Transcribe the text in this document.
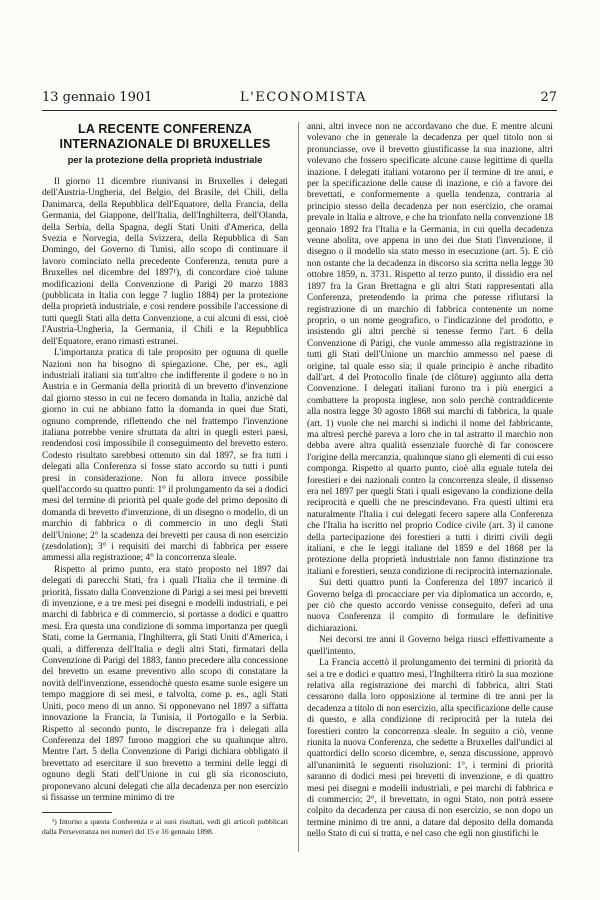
13 gennaio 1901	L'ECONOMISTA	27
LA RECENTE CONFERENZA INTERNAZIONALE DI BRUXELLES
per la protezione della proprietà industriale

Il giorno 11 dicembre riunivansi in Bruxelles i delegati dell'Austria-Ungheria, del Belgio, del Brasile, del Chili, della Danimarca, della Repubblica dell'Equatore, della Francia, della Germania, del Giappone, dell'Italia, dell'Inghilterra, dell'Olanda, della Serbia, della Spagna, degli Stati Uniti d'America, della Svezia e Norvegia, della Svizzera, della Repubblica di San Domingo, del Governo di Tunisi, allo scopo di continuare il lavoro cominciato nella precedente Conferenza, tenuta pure a Bruxelles nel dicembre del 1897¹), di concordare cioè talune modificazioni della Convenzione di Parigi 20 marzo 1883 (pubblicata in Italia con legge 7 luglio 1884) per la protezione della proprietà industriale, e così rendere possibile l'accessione di tutti quegli Stati alla detta Convenzione, a cui alcuni di essi, cioè l'Austria-Ungheria, la Germania, il Chili e la Repubblica dell'Equatore, erano rimasti estranei.

L'importanza pratica di tale proposito per ognuna di quelle Nazioni non ha bisogno di spiegazione. Che, per es., agli industriali italiani sia tutt'altro che indifferente il godere o no in Austria e in Germania della priorità di un brevetto d'invenzione dal giorno stesso in cui ne fecero domanda in Italia, anzichè dal giorno in cui ne abbiano fatto la domanda in quei due Stati, ognuno comprende, riflettendo che nel frattempo l'invenzione italiana potrebbe venire sfruttata da altri in quegli esteri paesi, rendendosi così impossibile il conseguimento del brevetto estero. Codesto risultato sarebbesi ottenuto sin dal 1897, se fra tutti i delegati alla Conferenza si fosse stato accordo su tutti i punti presi in considerazione. Non fu allora invece possibile quell'accordo su quattro punti: 1° il prolungamento da sei a dodici mesi del termine di priorità pel quale gode del primo deposito di domanda di brevetto d'invenzione, di un disegno o modello, di un marchio di fabbrica o di commercio in uno degli Stati dell'Unione; 2° la scadenza dei brevetti per causa di non esercizio (zesdolation); 3° i requisiti dei marchi di fabbrica per essere ammessi alla registrazione; 4° la concorrenza sleale.

Rispetto al primo punto, era stato proposto nel 1897 dai delegati di parecchi Stati, fra i quali l'Italia che il termine di priorità, fissato dalla Convenzione di Parigi a sei mesi pei brevetti di invenzione, e a tre mesi pei disegni e modelli industriali, e pei marchi di fabbrica e di commercio, si portasse a dodici e quattro mesi. Era questa una condizione di somma importanza per quegli Stati, come la Germania, l'Inghilterra, gli Stati Uniti d'America, i quali, a differenza dell'Italia e degli altri Stati, firmatari della Convenzione di Parigi del 1883, fanno precedere alla concessione del brevetto un esame preventivo allo scopo di constatare la novità dell'invenzione, essendochè questo esame suole esigere un tempo maggiore di sei mesi, e talvolta, come p. es., agli Stati Uniti, poco meno di un anno. Si opponevano nel 1897 a siffatta innovazione la Francia, la Tunisia, il Portogallo e la Serbia. Rispetto al secondo punto, le discrepanze fra i delegati alla Conferenza del 1897 furono maggiori che su qualunque altro. Mentre l'art. 5 della Convenzione di Parigi dichiara obbligato il brevettato ad esercitare il suo brevetto a termini delle leggi di ognuno degli Stati dell'Unione in cui gli sia riconosciuto, proponevano alcuni delegati che alla decadenza per non esercizio si fissasse un termine minimo di tre

¹) Intorno a questa Conferenza e ai suoi risultati, vedi gli articoli pubblicati dalla Perseveranza nei numeri del 15 e 16 gennaio 1898.

anni, altri invece non ne accordavano che due. E mentre alcuni volevano che in generale la decadenza per quel titolo non si pronunciasse, ove il brevetto giustificasse la sua inazione, altri volevano che fossero specificate alcune cause legittime di quella inazione. I delegati italiani votarono per il termine di tre anni, e per la specificazione delle cause di inazione, e ciò a favore dei brevettati, e conformemente a quella tendenza, contraria al principio stesso della decadenza per non esercizio, che oramai prevale in Italia e altrove, e che ha trionfato nella convenzione 18 gennaio 1892 fra l'Italia e la Germania, in cui quella decadenza venne abolita, ove appena in uno dei due Stati l'invenzione, il disegno o il modello sia stato messo in esecuzione (art. 5). E ciò non ostante che la decadenza in discorso sia scritta nella legge 30 ottobre 1859, n. 3731. Rispetto al terzo punto, il dissidio era nel 1897 fra la Gran Brettagna e gli altri Stati rappresentati alla Conferenza, pretendendo la prima che potesse rifiutarsi la registrazione di un marchio di fabbrica contenente un nome proprio, o un nome geografico, o l'indicazione del prodotto, e insistendo gli altri perchè si tenesse fermo l'art. 6 della Convenzione di Parigi, che vuole ammesso alla registrazione in tutti gli Stati dell'Unione un marchio ammesso nel paese di origine, tal quale esso sia; il quale principio è anche ribadito dall'art. 4 del Protocollo finale (de clôture) aggiunto alla detta Convenzione. I delegati italiani furono tra i più energici a combattere la proposta inglese, non solo perchè contraddicente alla nostra legge 30 agosto 1868 sui marchi di fabbrica, la quale (art. 1) vuole che nei marchi si indichi il nome del fabbricante, ma altresì perchè pareva a loro che in tal astratto il marchio non debba avere altra qualità essenziale fuorchè di far conoscere l'origine della mercanzia, qualunque siano gli elementi di cui esso componga. Rispetto al quarto punto, cioè alla eguale tutela dei forestieri e dei nazionali contro la concorrenza sleale, il dissenso era nel 1897 per quegli Stati i quali esigevano la condizione della reciprocità e quelli che ne prescindevano. Fra questi ultimi era naturalmente l'Italia i cui delegati fecero sapere alla Conferenza che l'Italia ha iscritto nel proprio Codice civile (art. 3) il canone della partecipazione dei forestieri a tutti i diritti civili degli italiani, e che le leggi italiane del 1859 e del 1868 per la protezione della proprietà industriale non fanno distinzione tra italiani e forestieri, senza condizione di reciprocità internazionale.

Sui detti quattro punti la Conferenza del 1897 incaricò il Governo belga di procacciare per via diplomatica un accordo, e, per ciò che questo accordo venisse conseguito, deferì ad una nuova Conferenza il compito di formulare le definitive dichiarazioni.

Nei decorsi tre anni il Governo belga riuscì effettivamente a quell'intento.

La Francia accettò il prolungamento dei termini di priorità da sei a tre e dodici e quattro mesi, l'Inghilterra ritirò la sua mozione relativa alla registrazione dei marchi di fabbrica, altri Stati cessarono dalla loro opposizione al termine di tre anni per la decadenza a titolo di non esercizio, alla specificazione delle cause di questo, e alla condizione di reciprocità per la tutela dei forestieri contro la concorrenza sleale. In seguito a ciò, venne riunita la nuova Conferenza, che sedette a Bruxelles dall'undici al quattordici dello scorso dicembre, e, senza discussione, approvò all'unanimità le seguenti risoluzioni: 1°, i termini di priorità saranno di dodici mesi pei brevetti di invenzione, e di quattro mesi pei disegni e modelli industriali, e pei marchi di fabbrica e di commercio; 2°, il brevettato, in ogni Stato, non potrà essere colpito da decadenza per causa di non esercizio, se non dopo un termine minimo di tre anni, a datare dal deposito della domanda nello Stato di cui si tratta, e nel caso che egli non giustifichi le
